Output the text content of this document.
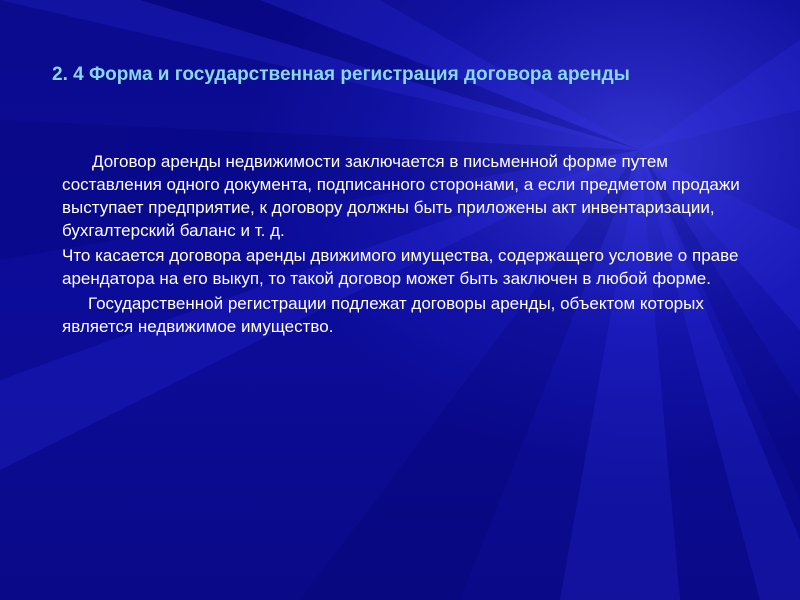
2. 4 Форма и государственная регистрация договора аренды

Договор аренды недвижимости заключается в письменной форме путем составления одного документа, подписанного сторонами, а если предметом продажи выступает предприятие, к договору должны быть приложены акт инвентаризации, бухгалтерский баланс и т. д.

Что касается договора аренды движимого имущества, содержащего условие о праве арендатора на его выкуп, то такой договор может быть заключен в любой форме.

Государственной регистрации подлежат договоры аренды, объектом которых является недвижимое имущество.
